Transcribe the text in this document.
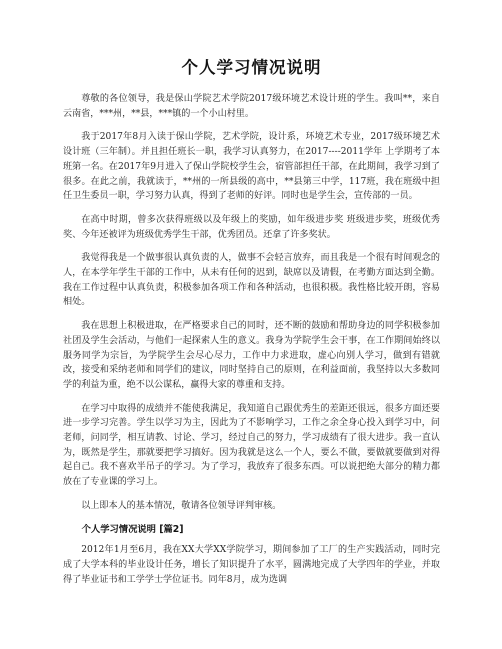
个人学习情况说明

尊敬的各位领导，我是保山学院艺术学院2017级环境艺术设计班的学生。我叫**，来自云南省，***州，**县，***镇的一个小山村里。

我于2017年8月入读于保山学院，艺术学院，设计系，环境艺术专业，2017级环境艺术设计班（三年制）。并且担任班长一职，我学习认真努力，在2017----2011学年 上学期考了本班第一名。在2017年9月进入了保山学院校学生会，宿管部担任干部，在此期间，我学习到了很多。在此之前，我就读于，**州的一所县级的高中，**县第三中学，117班，我在班级中担任卫生委员一职，学习努力认真，得到了老师的好评。同时也是学生会，宣传部的一员。

在高中时期，曾多次获得班级以及年级上的奖励，如年级进步奖 班级进步奖，班级优秀奖、今年还被评为班级优秀学生干部，优秀团员。还拿了许多奖状。

我觉得我是一个做事很认真负责的人，做事不会轻言放弃，而且我是一个很有时间观念的人，在本学年学生干部的工作中，从未有任何的迟到，缺席以及请假，在考勤方面达到全勤。我在工作过程中认真负责，积极参加各项工作和各种活动，也很积极。我性格比较开朗，容易相处。

我在思想上积极进取，在严格要求自己的同时，还不断的鼓励和帮助身边的同学积极参加社团及学生会活动，与他们一起探索人生的意义。我身为学院学生会干事，在工作期间始终以服务同学为宗旨，为学院学生会尽心尽力，工作中力求进取，虚心向别人学习，做到有错就改，接受和采纳老师和同学们的建议，同时坚持自己的原则，在利益面前，我坚持以大多数同学的利益为重，绝不以公谋私，赢得大家的尊重和支持。

在学习中取得的成绩并不能使我满足，我知道自己跟优秀生的差距还很远，很多方面还要进一步学习完善。学生以学习为主，因此为了不影响学习，工作之余全身心投入到学习中，问老师，问同学，相互请教、讨论、学习，经过自己的努力，学习成绩有了很大进步。我一直认为，既然是学生，那就要把学习搞好。因为我就是这么一个人，要么不做，要做就要做到对得起自己。我不喜欢半吊子的学习。为了学习，我放弃了很多东西。可以说把绝大部分的精力都放在了专业课的学习上。

以上即本人的基本情况，敬请各位领导评判审核。

个人学习情况说明 [篇2]

2012年1月至6月，我在XX大学XX学院学习，期间参加了工厂的生产实践活动，同时完成了大学本科的毕业设计任务，增长了知识提升了水平，圆满地完成了大学四年的学业，并取得了毕业证书和工学学士学位证书。同年8月，成为选调
